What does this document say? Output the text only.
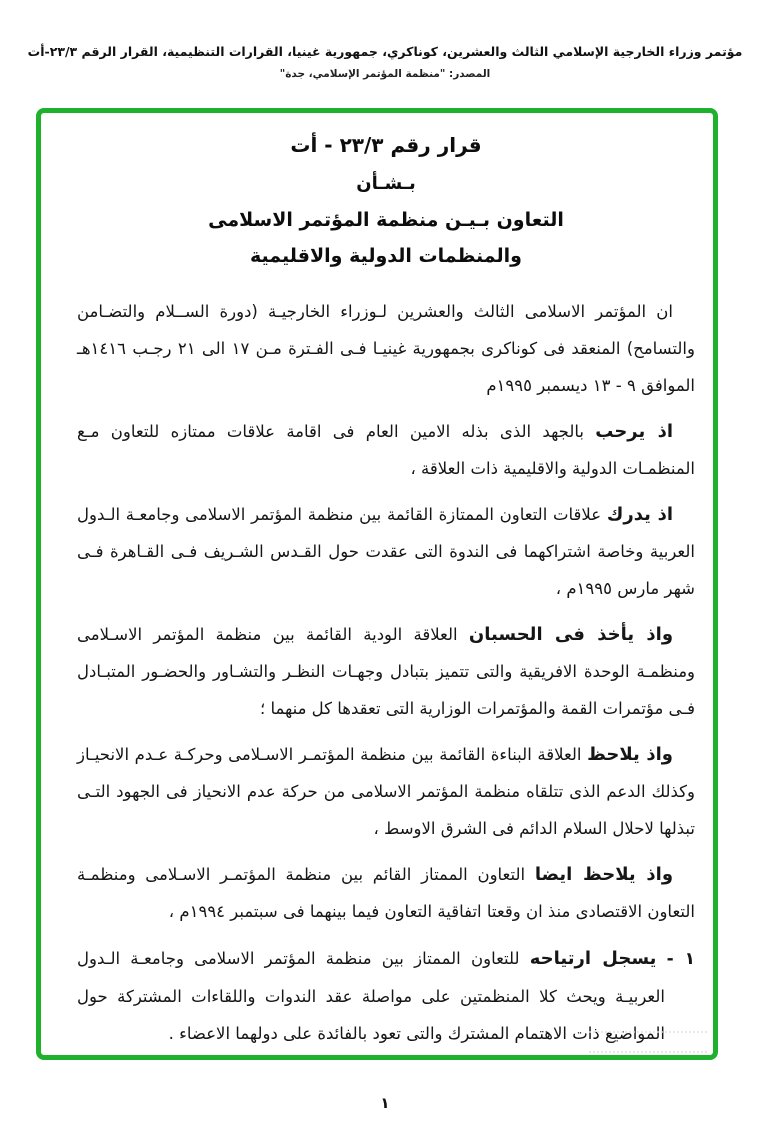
مؤتمر وزراء الخارجية الإسلامي الثالث والعشرين، كوناكري، جمهورية غينيا، القرارات التنظيمية، القرار الرقم ٢٣/٣-أت
المصدر: "منظمة المؤتمر الإسلامي، جدة"
قرار رقم ٢٣/٣ - أت
بـشـأن
التعاون بـيـن منظمة المؤتمر الاسلامى
والمنظمات الدولية والاقليمية

ان المؤتمر الاسلامى الثالث والعشرين لـوزراء الخارجيـة (دورة الســلام والتضـامن والتسامح) المنعقد فى كوناكرى بجمهورية غينيـا فـى الفـترة مـن ١٧ الى ٢١ رجـب ١٤١٦هـ الموافق ٩ - ١٣ ديسمبر ١٩٩٥م

اذ يرحب بالجهد الذى بذله الامين العام فى اقامة علاقات ممتازه للتعاون مـع المنظمـات الدولية والاقليمية ذات العلاقة ،

اذ يدرك علاقات التعاون الممتازة القائمة بين منظمة المؤتمر الاسلامى وجامعـة الـدول العربية وخاصة اشتراكهما فى الندوة التى عقدت حول القـدس الشـريف فـى القـاهرة فـى شهر مارس ١٩٩٥م ،

واذ يأخذ فى الحسبان العلاقة الودية القائمة بين منظمة المؤتمر الاسـلامى ومنظمـة الوحدة الافريقية والتى تتميز بتبادل وجهـات النظـر والتشـاور والحضـور المتبـادل فـى مؤتمرات القمة والمؤتمرات الوزارية التى تعقدها كل منهما ؛

واذ يلاحظ العلاقة البناءة القائمة بين منظمة المؤتمـر الاسـلامى وحركـة عـدم الانحيـاز وكذلك الدعم الذى تتلقاه منظمة المؤتمر الاسلامى من حركة عدم الانحياز فى الجهود التـى تبذلها لاحلال السلام الدائم فى الشرق الاوسط ،

واذ يلاحظ ايضا التعاون الممتاز القائم بين منظمة المؤتمـر الاسـلامى ومنظمـة التعاون الاقتصادى منذ ان وقعتا اتفاقية التعاون فيما بينهما فى سبتمبر ١٩٩٤م ،

١ - يسجل ارتياحه للتعاون الممتاز بين منظمة المؤتمر الاسلامى وجامعـة الـدول العربيـة ويحث كلا المنظمتين على مواصلة عقد الندوات واللقاءات المشتركة حول المواضيع ذات الاهتمام المشترك والتى تعود بالفائدة على دولهما الاعضاء .

١
